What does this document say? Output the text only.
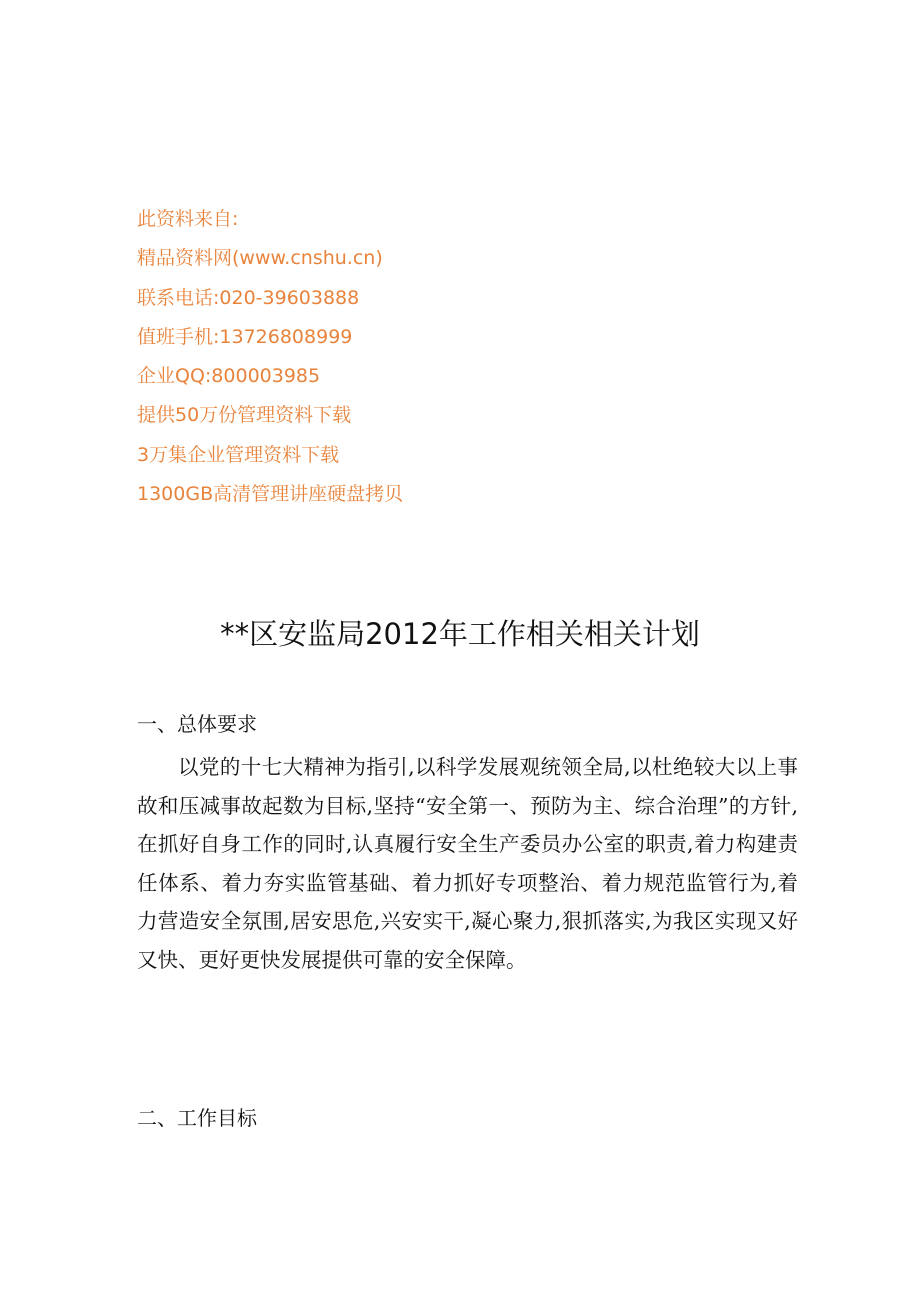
此资料来自:
精品资料网(www.cnshu.cn)
联系电话:020-39603888
值班手机:13726808999
企业QQ:800003985
提供50万份管理资料下载
3万集企业管理资料下载
1300GB高清管理讲座硬盘拷贝
**区安监局2012年工作相关相关计划
一、总体要求

以党的十七大精神为指引,以科学发展观统领全局,以杜绝较大以上事故和压减事故起数为目标,坚持“安全第一、预防为主、综合治理”的方针,在抓好自身工作的同时,认真履行安全生产委员办公室的职责,着力构建责任体系、着力夯实监管基础、着力抓好专项整治、着力规范监管行为,着力营造安全氛围,居安思危,兴安实干,凝心聚力,狠抓落实,为我区实现又好又快、更好更快发展提供可靠的安全保障。

二、工作目标
